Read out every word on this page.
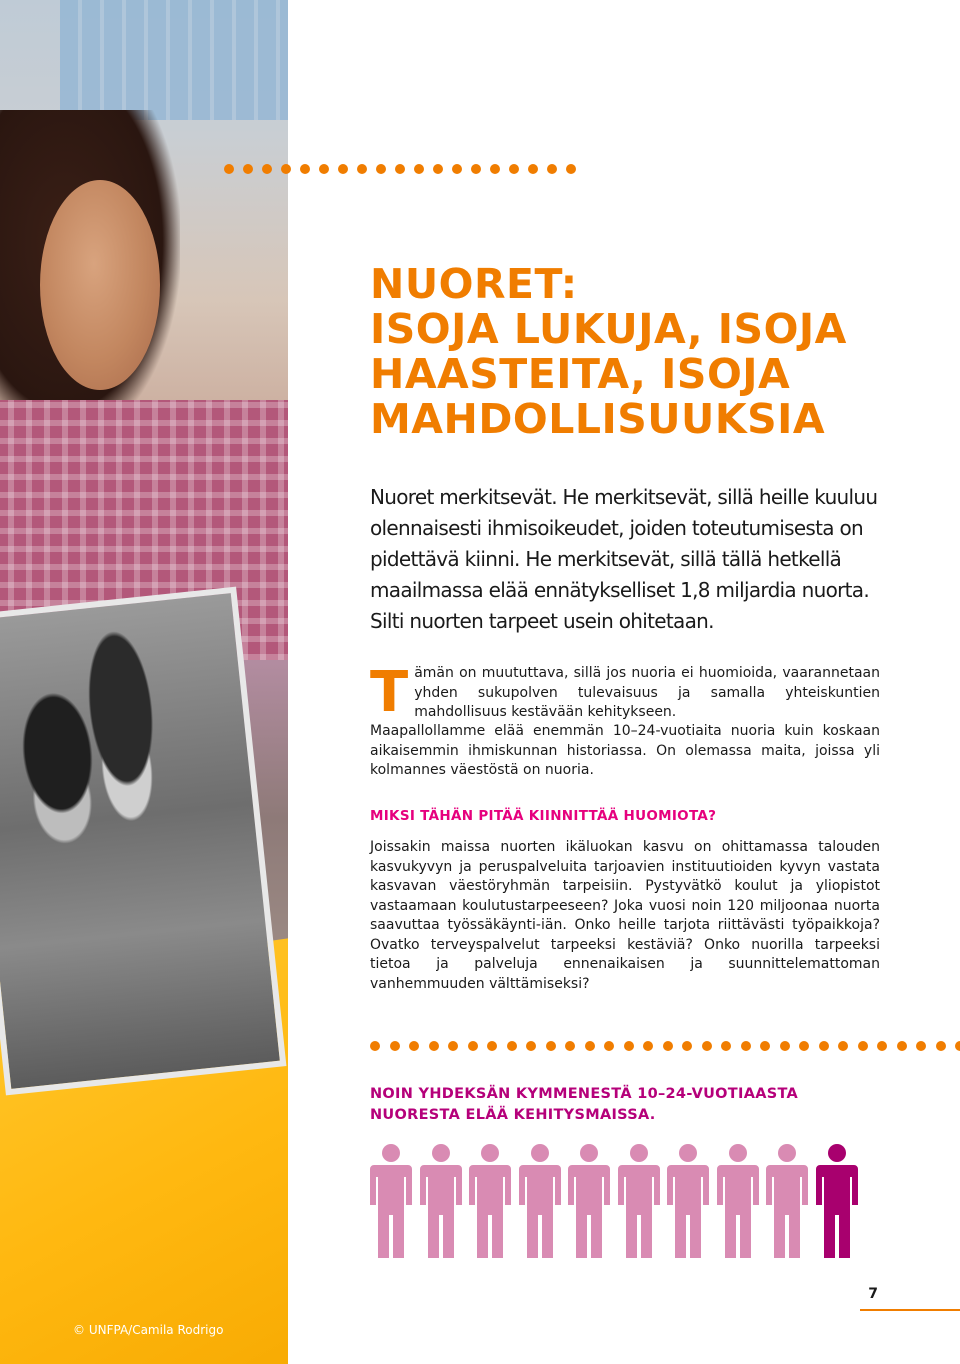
© UNFPA/Camila Rodrigo
NUORET:
ISOJA LUKUJA, ISOJA
HAASTEITA, ISOJA
MAHDOLLISUUKSIA

Nuoret merkitsevät. He merkitsevät, sillä heille kuuluu olennaisesti ihmisoikeudet, joiden toteutumisesta on pidettävä kiinni. He merkitsevät, sillä tällä hetkellä maailmassa elää ennätykselliset 1,8 miljardia nuorta. Silti nuorten tarpeet usein ohitetaan.

Tämän on muututtava, sillä jos nuoria ei huomioida, vaarannetaan yhden sukupolven tulevaisuus ja samalla yhteiskuntien mahdollisuus kestävään kehitykseen.

Maapallollamme elää enemmän 10–24-vuotiaita nuoria kuin koskaan aikaisemmin ihmiskunnan historiassa. On olemassa maita, joissa yli kolmannes väestöstä on nuoria.

MIKSI TÄHÄN PITÄÄ KIINNITTÄÄ HUOMIOTA?

Joissakin maissa nuorten ikäluokan kasvu on ohittamassa talouden kasvukyvyn ja peruspalveluita tarjoavien instituutioiden kyvyn vastata kasvavan väestöryhmän tarpeisiin. Pystyvätkö koulut ja yliopistot vastaamaan koulutustarpeeseen? Joka vuosi noin 120 miljoonaa nuorta saavuttaa työssäkäynti-iän. Onko heille tarjota riittävästi työpaikkoja? Ovatko terveyspalvelut tarpeeksi kestäviä? Onko nuorilla tarpeeksi tietoa ja palveluja ennenaikaisen ja suunnittelemattoman vanhemmuuden välttämiseksi?

NOIN YHDEKSÄN KYMMENESTÄ 10–24-VUOTIAASTA
NUORESTA ELÄÄ KEHITYSMAISSA.

7
